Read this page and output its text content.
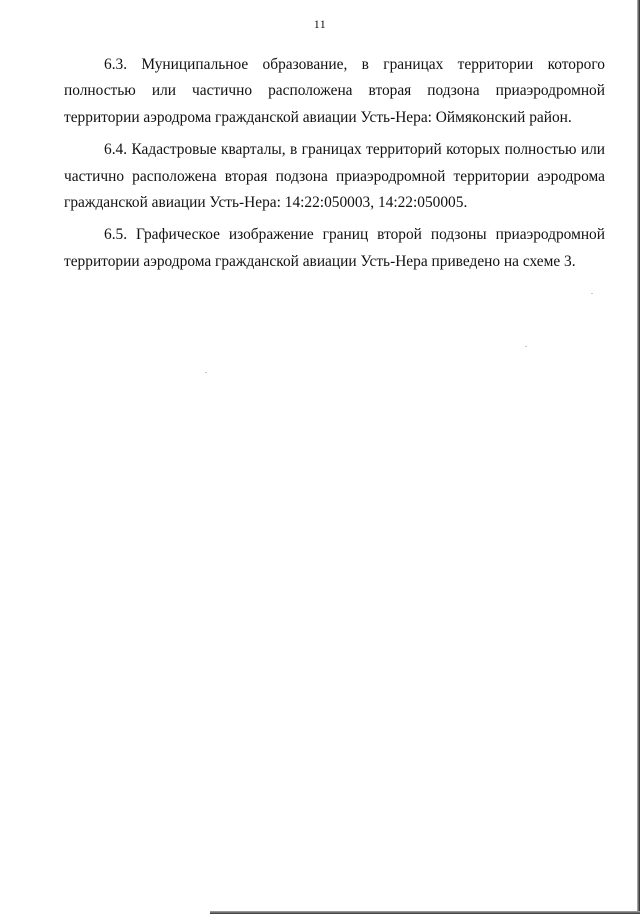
11

6.3. Муниципальное образование, в границах территории которого полностью или частично расположена вторая подзона приаэродромной территории аэродрома гражданской авиации Усть-Нера: Оймяконский район.

6.4. Кадастровые кварталы, в границах территорий которых полностью или частично расположена вторая подзона приаэродромной территории аэродрома гражданской авиации Усть-Нера: 14:22:050003, 14:22:050005.

6.5. Графическое изображение границ второй подзоны приаэродромной территории аэродрома гражданской авиации Усть-Нера приведено на схеме 3.
